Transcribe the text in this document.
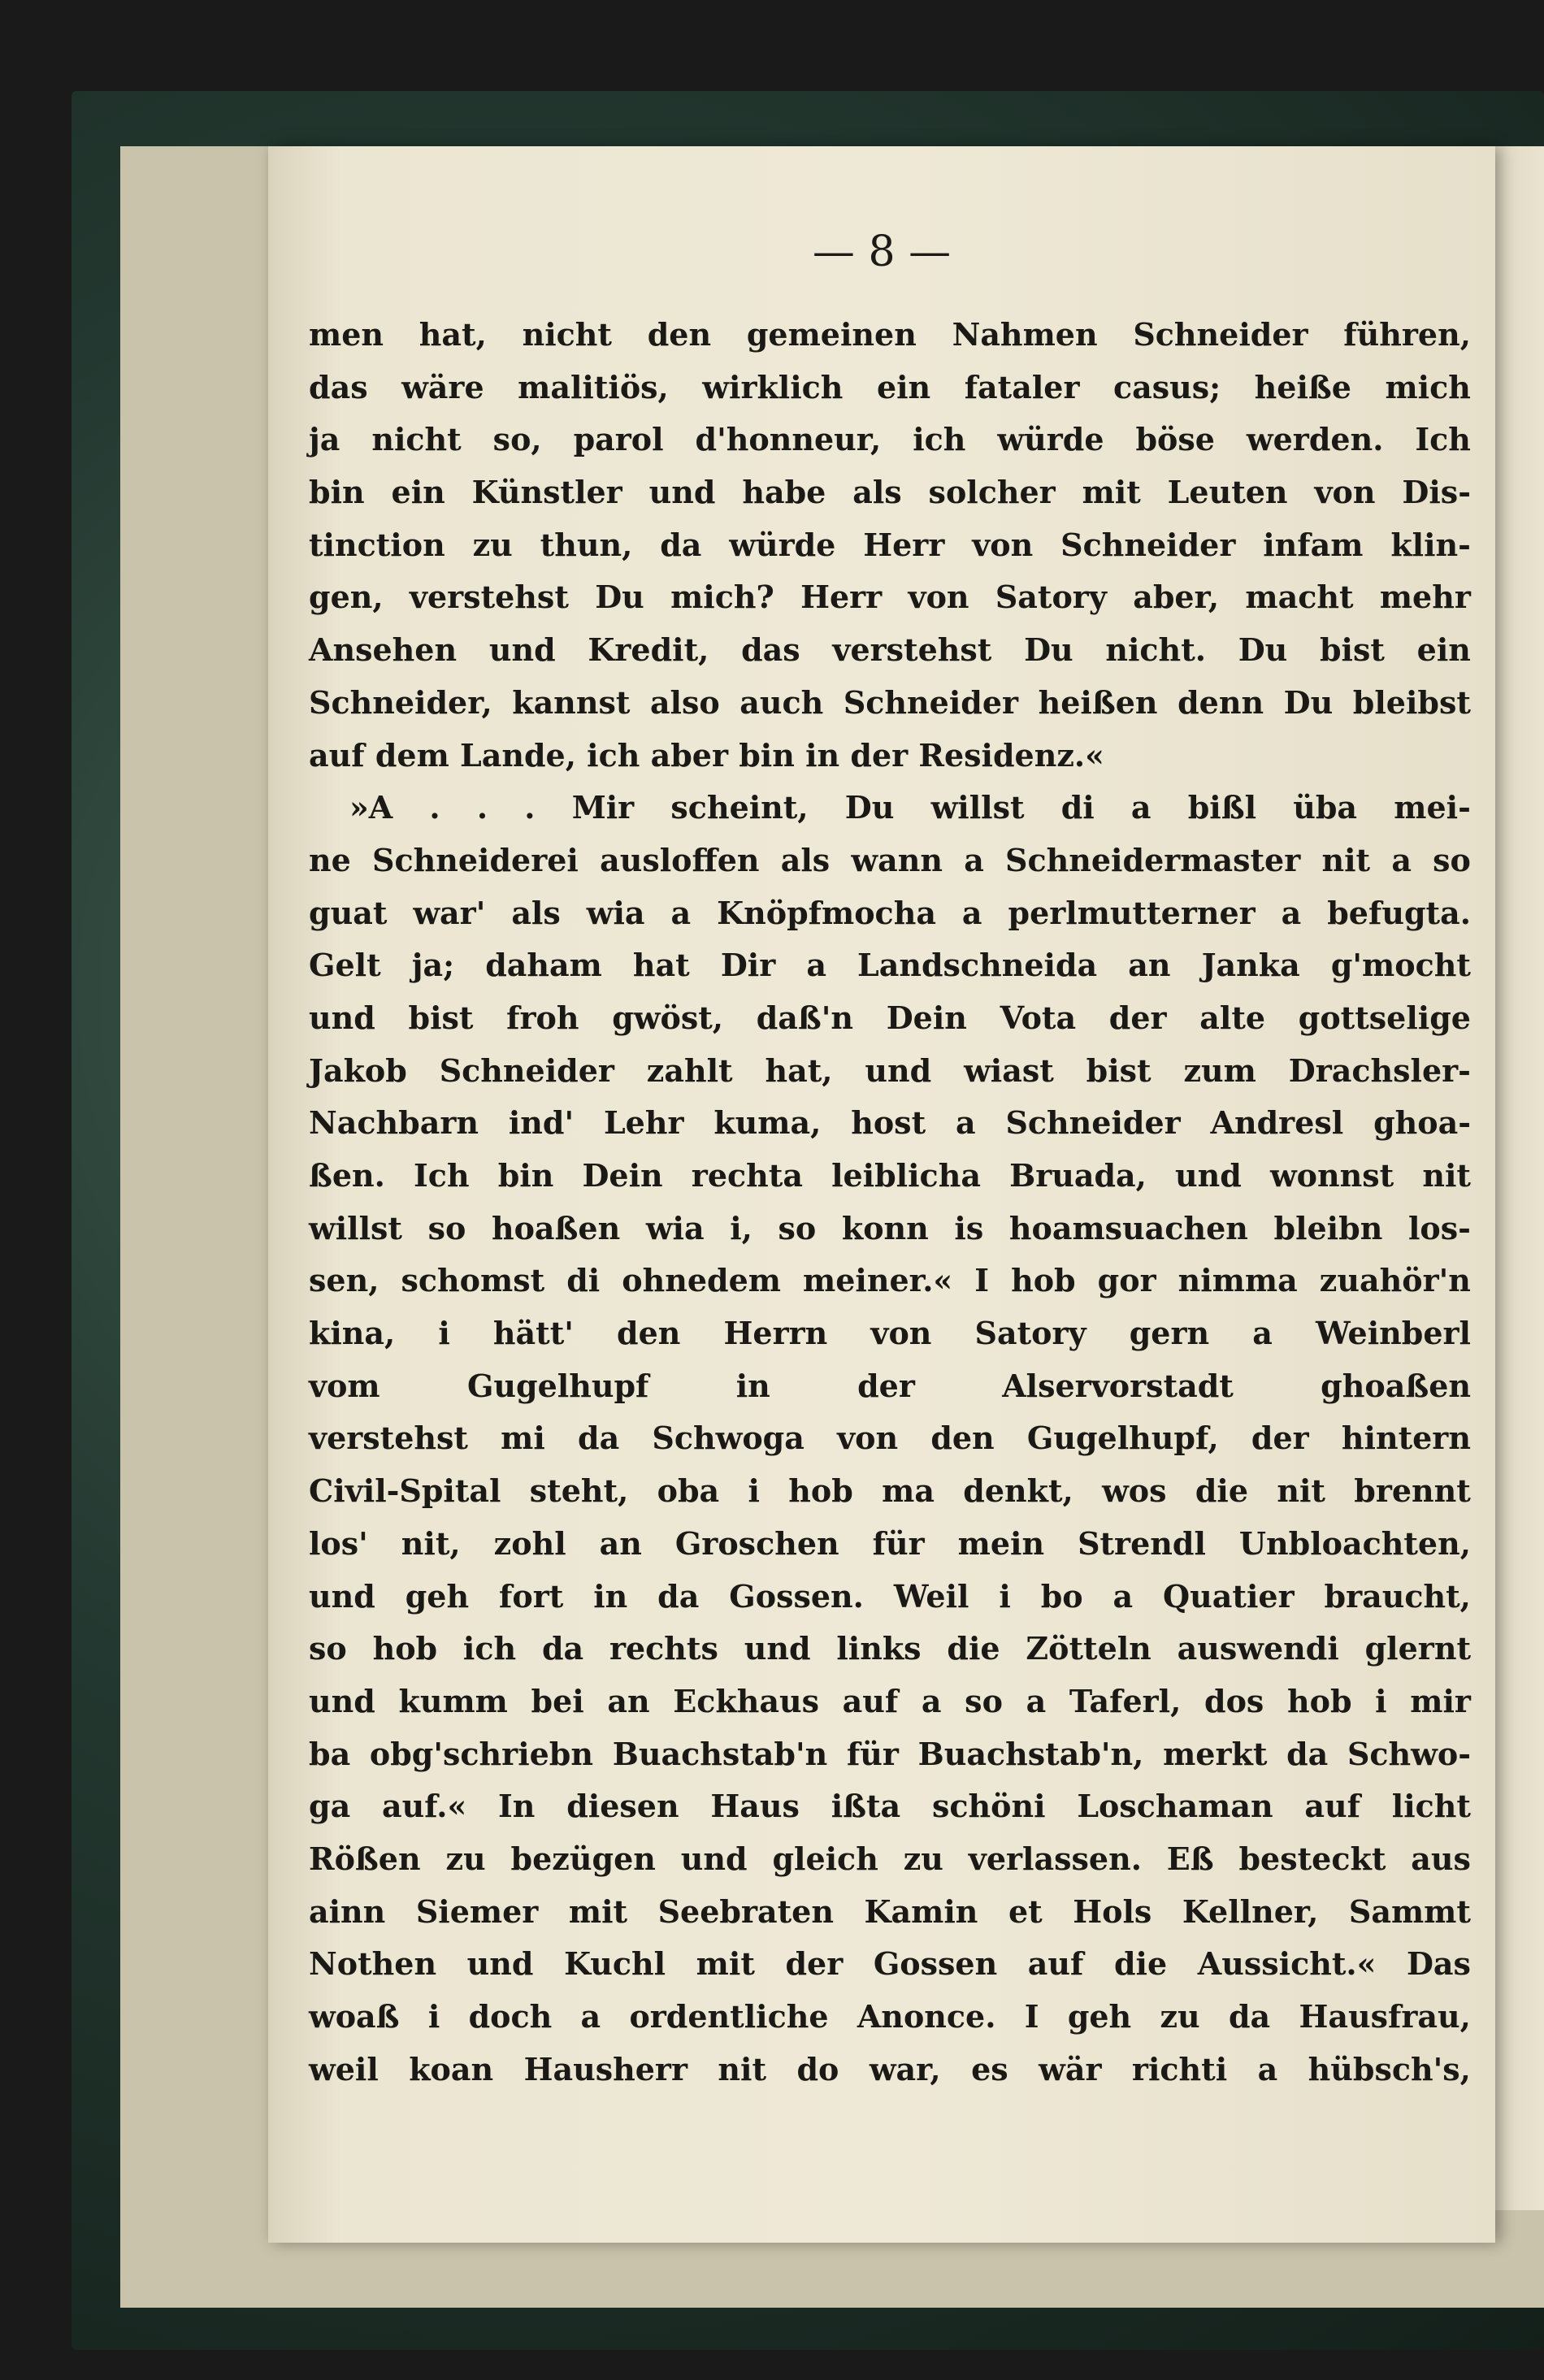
— 8 —
men hat, nicht den gemeinen Nahmen Schneider führen,
das wäre malitiös, wirklich ein fataler casus; heiße mich
ja nicht so, parol d'honneur, ich würde böse werden. Ich
bin ein Künstler und habe als solcher mit Leuten von Dis-
tinction zu thun, da würde Herr von Schneider infam klin-
gen, verstehst Du mich? Herr von Satory aber, macht mehr
Ansehen und Kredit, das verstehst Du nicht. Du bist ein
Schneider, kannst also auch Schneider heißen denn Du bleibst
auf dem Lande, ich aber bin in der Residenz.«
»A . . . Mir scheint, Du willst di a bißl üba mei-
ne Schneiderei ausloffen als wann a Schneidermaster nit a so
guat war' als wia a Knöpfmocha a perlmutterner a befugta.
Gelt ja; daham hat Dir a Landschneida an Janka g'mocht
und bist froh gwöst, daß'n Dein Vota der alte gottselige
Jakob Schneider zahlt hat, und wiast bist zum Drachsler-
Nachbarn ind' Lehr kuma, host a Schneider Andresl ghoa-
ßen. Ich bin Dein rechta leiblicha Bruada, und wonnst nit
willst so hoaßen wia i, so konn is hoamsuachen bleibn los-
sen, schomst di ohnedem meiner.« I hob gor nimma zuahör'n
kina, i hätt' den Herrn von Satory gern a Weinberl
vom	Gugelhupf	in	der	Alservorstadt	ghoaßen
verstehst mi da Schwoga von den Gugelhupf, der hintern
Civil-Spital steht, oba i hob ma denkt, wos die nit brennt
los' nit, zohl an Groschen für mein Strendl Unbloachten,
und geh fort in da Gossen. Weil i bo a Quatier braucht,
so hob ich da rechts und links die Zötteln auswendi glernt
und kumm bei an Eckhaus auf a so a Taferl, dos hob i mir
ba obg'schriebn Buachstab'n für Buachstab'n, merkt da Schwo-
ga auf.« In diesen Haus ißta schöni Loschaman auf licht
Rößen zu bezügen und gleich zu verlassen. Eß besteckt aus
ainn Siemer mit Seebraten Kamin et Hols Kellner, Sammt
Nothen und Kuchl mit der Gossen auf die Aussicht.« Das
woaß i doch a ordentliche Anonce. I geh zu da Hausfrau,
weil koan Hausherr nit do war, es wär richti a hübsch's,
